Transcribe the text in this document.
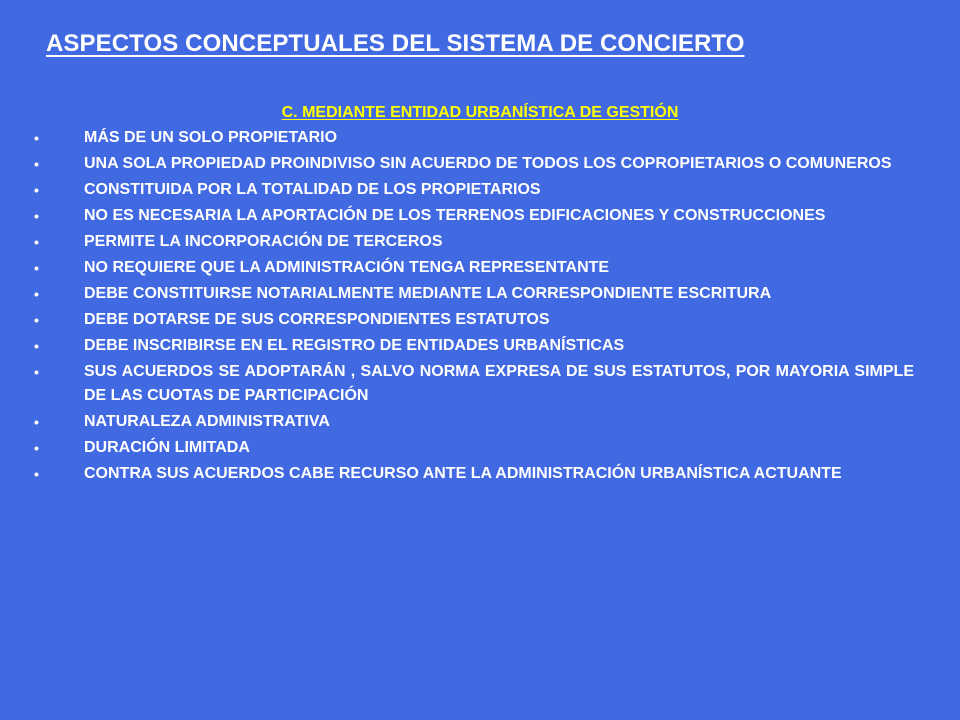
ASPECTOS CONCEPTUALES DEL SISTEMA DE CONCIERTO
C. MEDIANTE ENTIDAD URBANÍSTICA DE GESTIÓN
•	MÁS DE UN SOLO PROPIETARIO
•	UNA SOLA PROPIEDAD PROINDIVISO SIN ACUERDO DE TODOS LOS COPROPIETARIOS O COMUNEROS
•	CONSTITUIDA POR LA TOTALIDAD DE LOS PROPIETARIOS
•	NO ES NECESARIA LA APORTACIÓN DE LOS TERRENOS EDIFICACIONES Y CONSTRUCCIONES
•	PERMITE LA INCORPORACIÓN DE TERCEROS
•	NO REQUIERE QUE LA ADMINISTRACIÓN TENGA REPRESENTANTE
•	DEBE CONSTITUIRSE NOTARIALMENTE MEDIANTE LA CORRESPONDIENTE ESCRITURA
•	DEBE DOTARSE DE SUS CORRESPONDIENTES ESTATUTOS
•	DEBE INSCRIBIRSE EN EL REGISTRO DE ENTIDADES URBANÍSTICAS
•	SUS ACUERDOS SE ADOPTARÁN , SALVO NORMA EXPRESA DE SUS ESTATUTOS, POR MAYORIA SIMPLE DE LAS CUOTAS DE PARTICIPACIÓN
•	NATURALEZA ADMINISTRATIVA
•	DURACIÓN LIMITADA
•	CONTRA SUS ACUERDOS CABE RECURSO ANTE LA ADMINISTRACIÓN URBANÍSTICA ACTUANTE
